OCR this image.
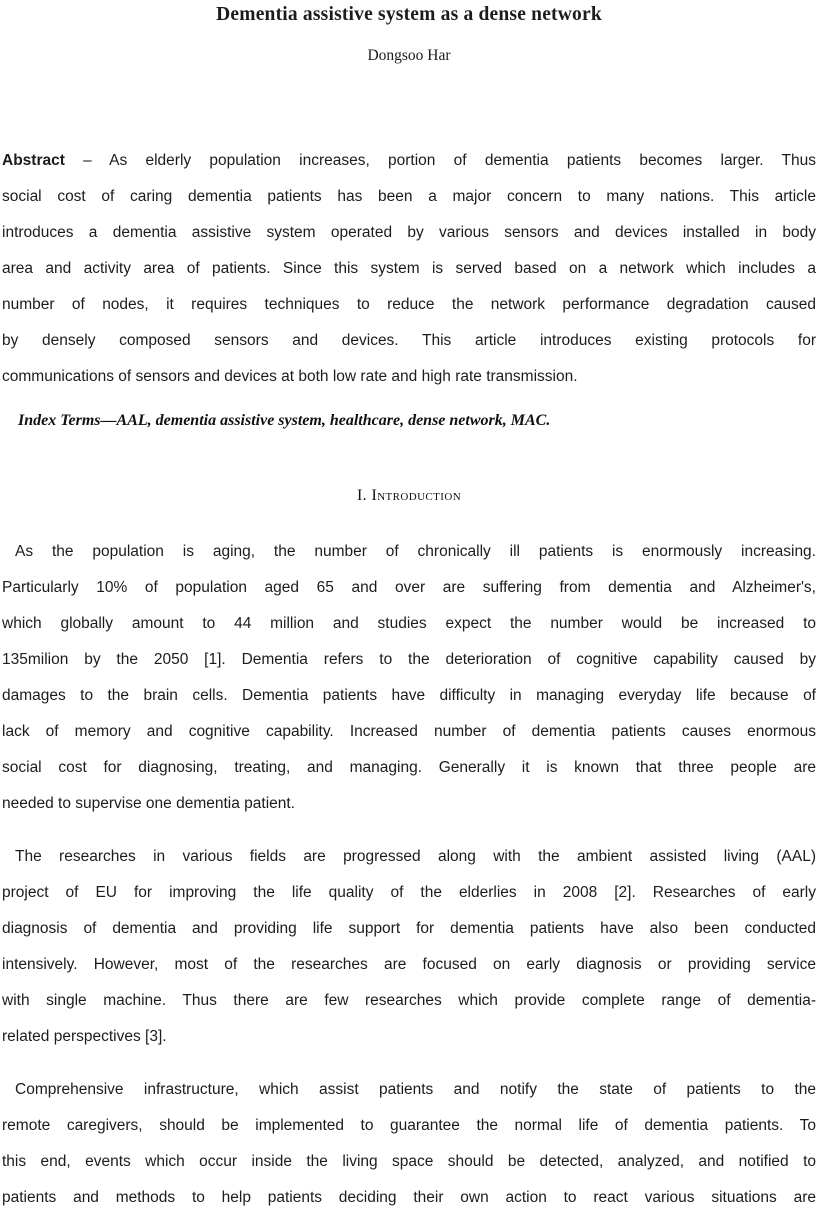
Dementia assistive system as a dense network
Dongsoo Har
Abstract – As elderly population increases, portion of dementia patients becomes larger. Thus
social cost of caring dementia patients has been a major concern to many nations. This article
introduces a dementia assistive system operated by various sensors and devices installed in body
area and activity area of patients. Since this system is served based on a network which includes a
number of nodes, it requires techniques to reduce the network performance degradation caused
by densely composed sensors and devices. This article introduces existing protocols for
communications of sensors and devices at both low rate and high rate transmission.
Index Terms—AAL, dementia assistive system, healthcare, dense network, MAC.
I. Introduction
As the population is aging, the number of chronically ill patients is enormously increasing.
Particularly 10% of population aged 65 and over are suffering from dementia and Alzheimer's,
which globally amount to 44 million and studies expect the number would be increased to
135milion by the 2050 [1]. Dementia refers to the deterioration of cognitive capability caused by
damages to the brain cells. Dementia patients have difficulty in managing everyday life because of
lack of memory and cognitive capability. Increased number of dementia patients causes enormous
social cost for diagnosing, treating, and managing. Generally it is known that three people are
needed to supervise one dementia patient.
The researches in various fields are progressed along with the ambient assisted living (AAL)
project of EU for improving the life quality of the elderlies in 2008 [2]. Researches of early
diagnosis of dementia and providing life support for dementia patients have also been conducted
intensively. However, most of the researches are focused on early diagnosis or providing service
with single machine. Thus there are few researches which provide complete range of dementia-
related perspectives [3].
Comprehensive infrastructure, which assist patients and notify the state of patients to the
remote caregivers, should be implemented to guarantee the normal life of dementia patients. To
this end, events which occur inside the living space should be detected, analyzed, and notified to
patients and methods to help patients deciding their own action to react various situations are
